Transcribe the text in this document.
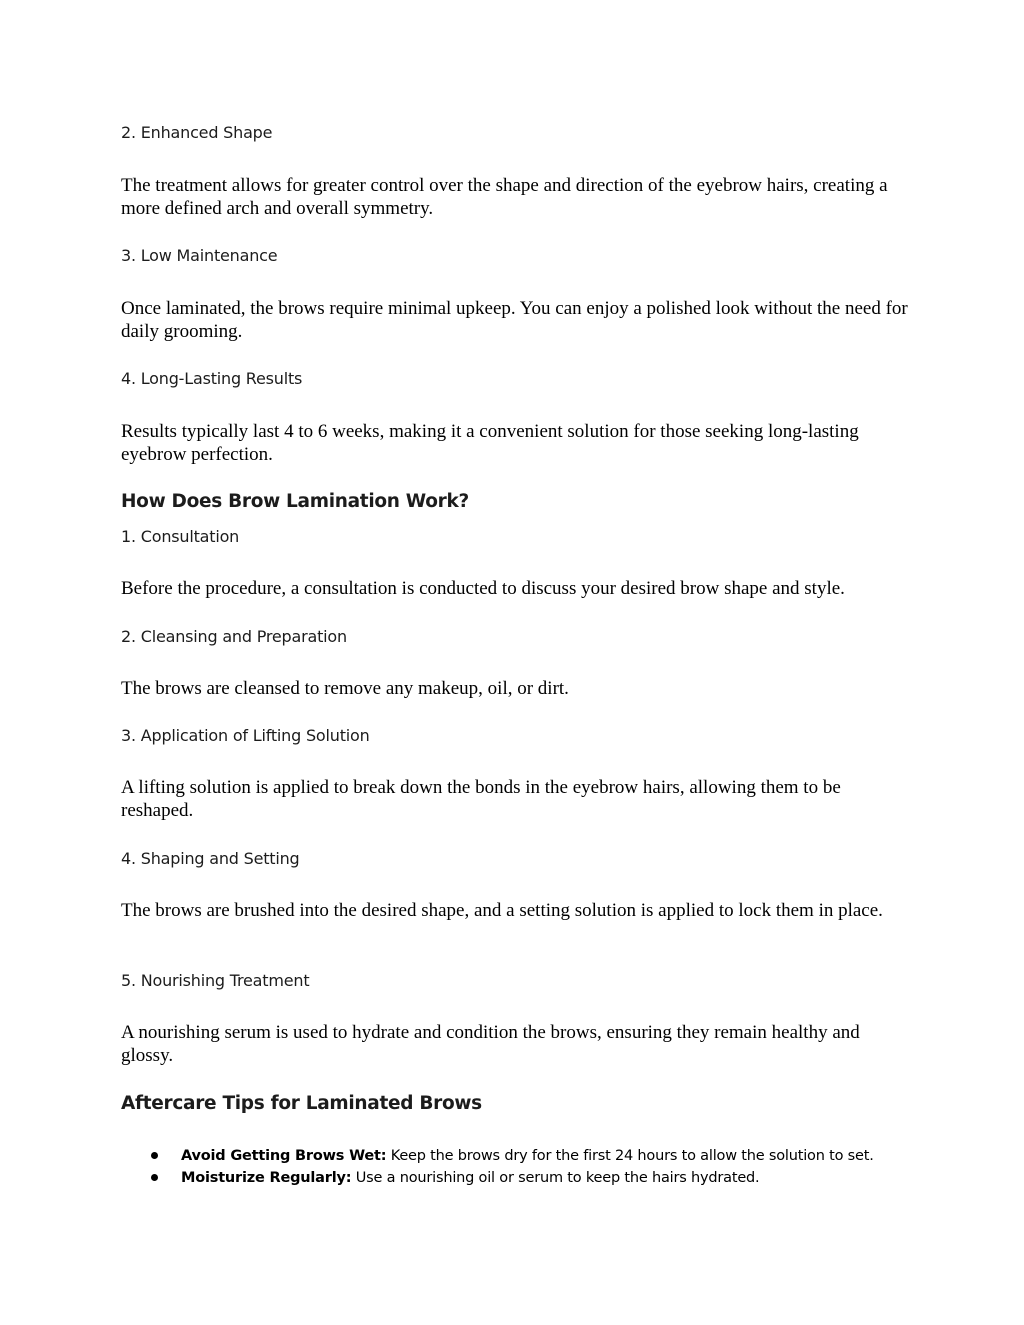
2. Enhanced Shape

The treatment allows for greater control over the shape and direction of the eyebrow hairs, creating a more defined arch and overall symmetry.

3. Low Maintenance

Once laminated, the brows require minimal upkeep. You can enjoy a polished look without the need for daily grooming.

4. Long-Lasting Results

Results typically last 4 to 6 weeks, making it a convenient solution for those seeking long-lasting eyebrow perfection.

How Does Brow Lamination Work?

1. Consultation

Before the procedure, a consultation is conducted to discuss your desired brow shape and style.

2. Cleansing and Preparation

The brows are cleansed to remove any makeup, oil, or dirt.

3. Application of Lifting Solution

A lifting solution is applied to break down the bonds in the eyebrow hairs, allowing them to be reshaped.

4. Shaping and Setting

The brows are brushed into the desired shape, and a setting solution is applied to lock them in place.

5. Nourishing Treatment

A nourishing serum is used to hydrate and condition the brows, ensuring they remain healthy and glossy.

Aftercare Tips for Laminated Brows
Avoid Getting Brows Wet: Keep the brows dry for the first 24 hours to allow the solution to set.
Moisturize Regularly: Use a nourishing oil or serum to keep the hairs hydrated.
